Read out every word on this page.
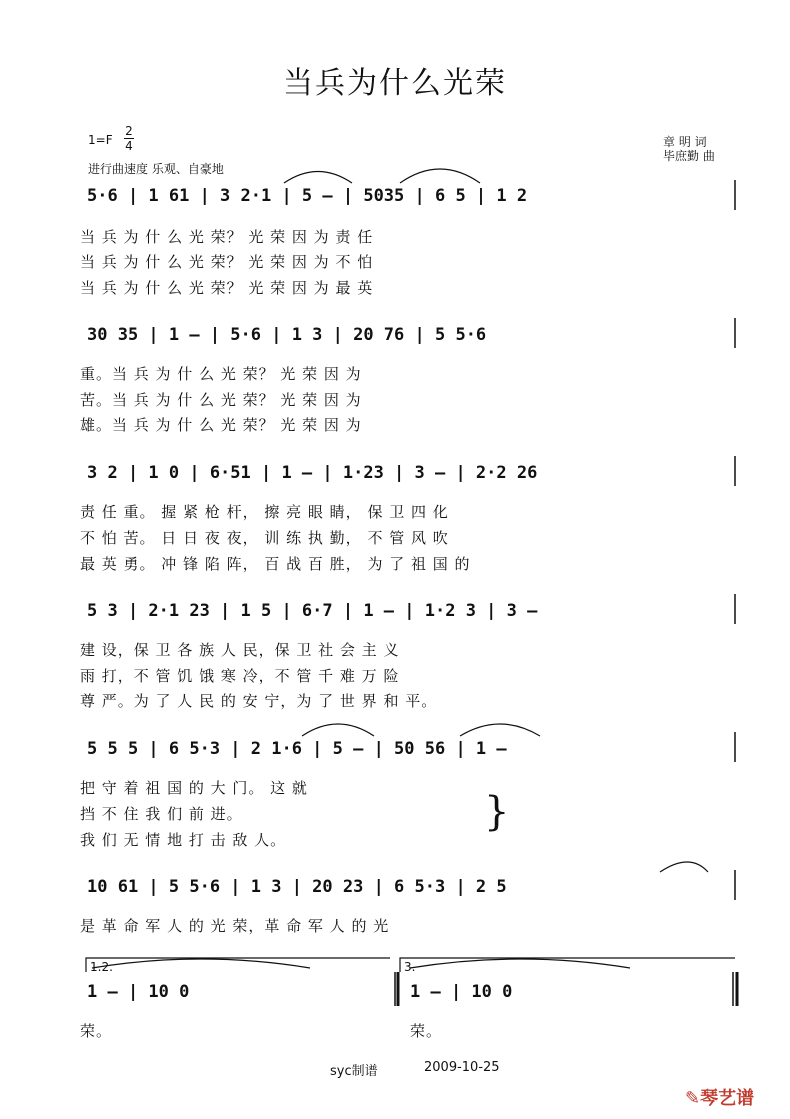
当兵为什么光荣
1=F
2
4
进行曲速度 乐观、自豪地
章 明 词
毕庶勤 曲
5·6 | 1 61 | 3 2·1 | 5 – | 5035 | 6 5 | 1 2
当 兵 为 什 么 光 荣？ 光 荣 因 为 责 任
当 兵 为 什 么 光 荣？ 光 荣 因 为 不 怕
当 兵 为 什 么 光 荣？ 光 荣 因 为 最 英
30 35 | 1 – | 5·6 | 1 3 | 20 76 | 5 5·6
重。当 兵 为 什 么 光 荣？ 光 荣 因 为
苦。当 兵 为 什 么 光 荣？ 光 荣 因 为
雄。当 兵 为 什 么 光 荣？ 光 荣 因 为
3 2 | 1 0 | 6·51 | 1 – | 1·23 | 3 – | 2·2 26
责 任 重。 握 紧 枪 杆， 擦 亮 眼 睛， 保 卫 四 化
不 怕 苦。 日 日 夜 夜， 训 练 执 勤， 不 管 风 吹
最 英 勇。 冲 锋 陷 阵， 百 战 百 胜， 为 了 祖 国 的
5 3 | 2·1 23 | 1 5 | 6·7 | 1 – | 1·2 3 | 3 –
建 设，保 卫 各 族 人 民，保 卫 社 会 主 义
雨 打，不 管 饥 饿 寒 冷，不 管 千 难 万 险
尊 严。为 了 人 民 的 安 宁，为 了 世 界 和 平。
5 5 5 | 6 5·3 | 2 1·6 | 5 – | 50 56 | 1 –
把 守 着 祖 国 的 大 门。 这 就
挡 不 住 我 们 前 进。
我 们 无 情 地 打 击 敌 人。
}
10 61 | 5 5·6 | 1 3 | 20 23 | 6 5·3 | 2 5
是 革 命 军 人 的 光 荣，革 命 军 人 的 光
1.2.	3.
1 – | 10 0	1 – | 10 0
荣。	荣。
syc制谱	2009-10-25
✎琴艺谱
